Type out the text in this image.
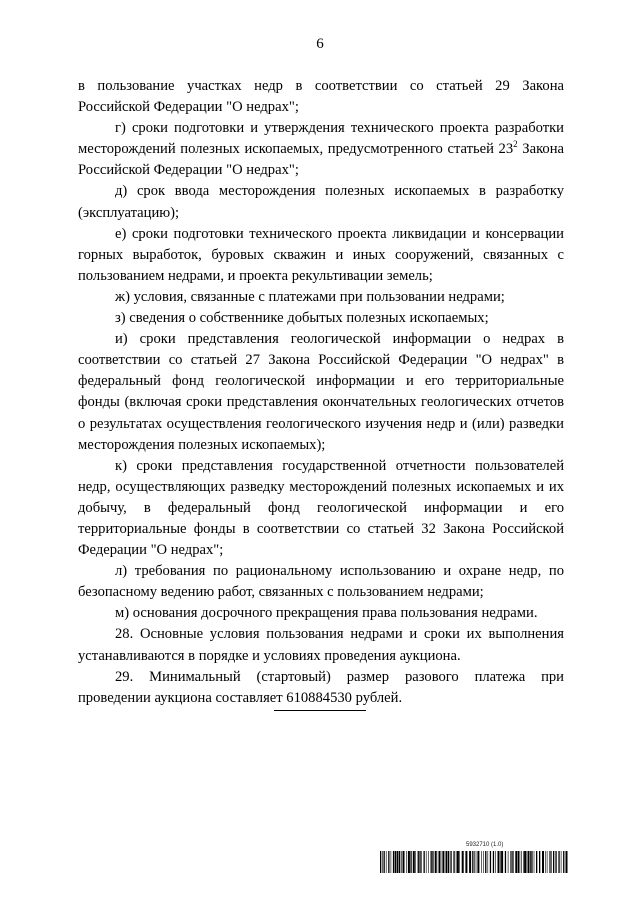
6

в пользование участках недр в соответствии со статьей 29 Закона

Российской Федерации "О недрах";

г) сроки подготовки и утверждения технического проекта разработки месторождений полезных ископаемых, предусмотренного статьей $23^2$ Закона Российской Федерации "О недрах";

д) срок ввода месторождения полезных ископаемых в разработку (эксплуатацию);

е) сроки подготовки технического проекта ликвидации и консервации горных выработок, буровых скважин и иных сооружений, связанных с пользованием недрами, и проекта рекультивации земель;

ж) условия, связанные с платежами при пользовании недрами;

з) сведения о собственнике добытых полезных ископаемых;

и) сроки представления геологической информации о недрах в соответствии со статьей 27 Закона Российской Федерации "О недрах" в федеральный фонд геологической информации и его территориальные фонды (включая сроки представления окончательных геологических отчетов о результатах осуществления геологического изучения недр и (или) разведки месторождения полезных ископаемых);

к) сроки представления государственной отчетности пользователей недр, осуществляющих разведку месторождений полезных ископаемых и их добычу, в федеральный фонд геологической информации и его территориальные фонды в соответствии со статьей 32 Закона Российской Федерации "О недрах";

л) требования по рациональному использованию и охране недр, по безопасному ведению работ, связанных с пользованием недрами;

м) основания досрочного прекращения права пользования недрами.

28. Основные условия пользования недрами и сроки их выполнения устанавливаются в порядке и условиях проведения аукциона.

29. Минимальный (стартовый) размер разового платежа при проведении аукциона составляет 610884530 рублей.

5932710 (1.0)
